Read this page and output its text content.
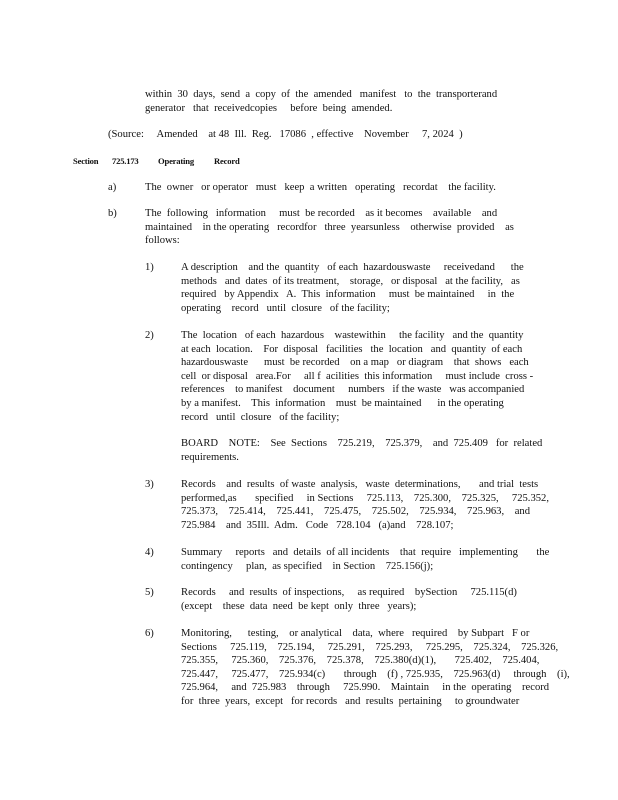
within  30  days,  send  a  copy  of  the  amended   manifest   to  the  transporterand
generator   that  receivedcopies     before  being  amended.
(Source:     Amended    at 48  Ill.  Reg.   17086  , effective    November     7, 2024  )
Section 725.173 Operating Record
a)	The  owner   or operator   must   keep  a written   operating   recordat    the facility.
b)	The  following   information     must  be recorded    as it becomes    available    and
maintained    in the operating   recordfor   three  yearsunless    otherwise  provided    as
follows:
1)	A description    and the  quantity   of each  hazardouswaste     receivedand      the
methods   and  dates  of its treatment,    storage,   or disposal   at the facility,   as
required   by Appendix   A.  This  information     must  be maintained     in  the
operating    record   until  closure   of the facility;
2)	The  location   of each  hazardous    wastewithin     the facility   and the  quantity
at each  location.    For  disposal   facilities   the  location   and  quantity  of each
hazardouswaste      must  be recorded    on a map   or diagram    that  shows   each
cell  or disposal   area.For     all f  acilities  this information     must include  cross -
references    to manifest    document     numbers   if the waste   was accompanied
by a manifest.    This  information    must  be maintained      in the operating
record   until  closure   of the facility;
BOARD    NOTE:    See  Sections    725.219,    725.379,    and  725.409   for  related
requirements.
3)	Records    and  results  of waste  analysis,   waste  determinations,       and trial  tests
performed,as       specified     in Sections     725.113,    725.300,    725.325,     725.352,
725.373,    725.414,    725.441,    725.475,    725.502,    725.934,    725.963,    and
725.984    and  35Ill.  Adm.   Code   728.104   (a)and    728.107;
4)	Summary     reports   and  details  of all incidents    that  require   implementing       the
contingency     plan,  as specified    in Section    725.156(j);
5)	Records     and  results  of inspections,     as required    bySection     725.115(d)
(except    these  data  need  be kept  only  three   years);
6)	Monitoring,      testing,    or analytical    data,  where   required    by Subpart   F or
Sections     725.119,    725.194,     725.291,    725.293,     725.295,    725.324,    725.326,
725.355,     725.360,    725.376,    725.378,    725.380(d)(1),       725.402,    725.404,
725.447,     725.477,    725.934(c)       through    (f) , 725.935,    725.963(d)     through    (i),
725.964,     and  725.983    through     725.990.    Maintain     in the  operating    record
for  three  years,  except   for records   and  results  pertaining     to groundwater
